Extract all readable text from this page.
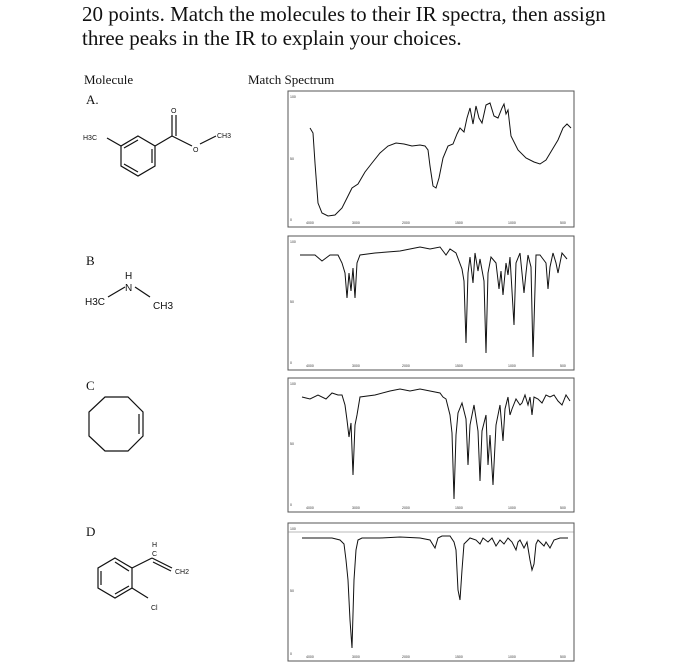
20 points. Match the molecules to their IR spectra, then assign
three peaks in the IR to explain your choices.

Molecule	Match Spectrum
A.
B
C
D
H3C
O
O
CH3
H
N
H3C	CH3
H
C
CH2
Cl
100
50
0
4000	3000	2000	1500	1000	500
100
50
0
4000	3000	2000	1500	1000	500
100
50
0
4000	3000	2000	1500	1000	500
100
50
0
4000	3000	2000	1500	1000	500
